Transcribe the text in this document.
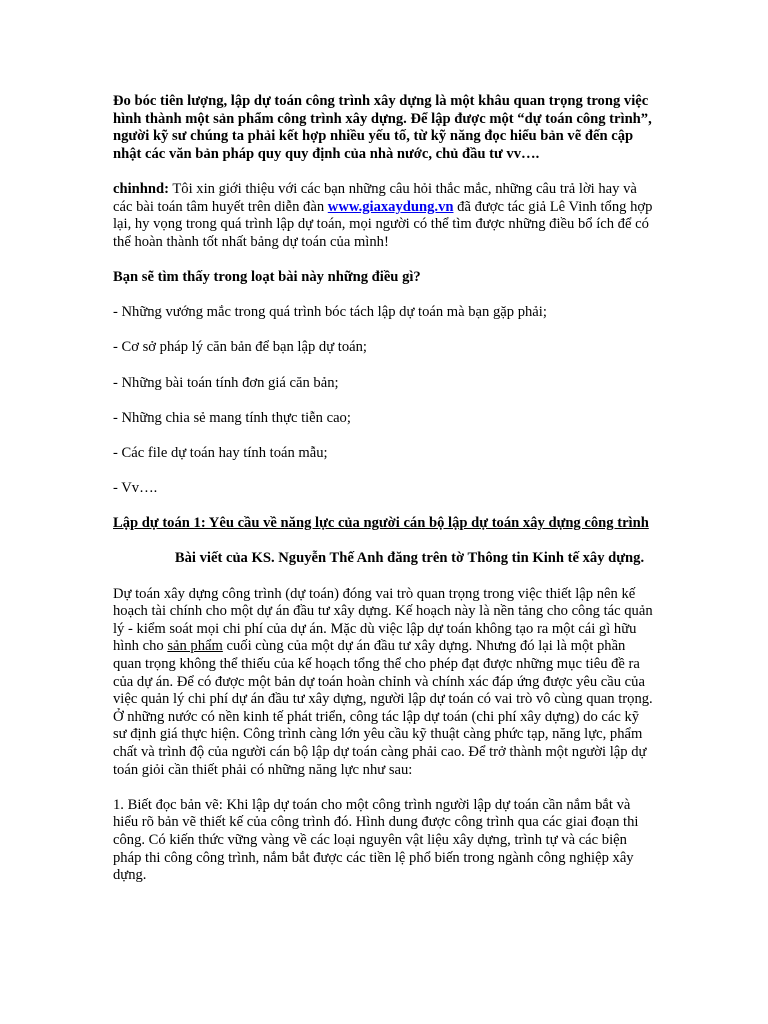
Đo bóc tiên lượng, lập dự toán công trình xây dựng là một khâu quan trọng trong việc hình thành một sản phẩm công trình xây dựng. Để lập được một “dự toán công trình”, người kỹ sư chúng ta phải kết hợp nhiều yếu tố, từ kỹ năng đọc hiểu bản vẽ đến cập nhật các văn bản pháp quy quy định của nhà nước, chủ đầu tư vv….

chinhnd: Tôi xin giới thiệu với các bạn những câu hỏi thắc mắc, những câu trả lời hay và các bài toán tâm huyết trên diễn đàn www.giaxaydung.vn đã được tác giả Lê Vinh tổng hợp lại, hy vọng trong quá trình lập dự toán, mọi người có thể tìm được những điều bổ ích để có thể hoàn thành tốt nhất bảng dự toán của mình!

Bạn sẽ tìm thấy trong loạt bài này những điều gì?

- Những vướng mắc trong quá trình bóc tách lập dự toán mà bạn gặp phải;

- Cơ sở pháp lý căn bản để bạn lập dự toán;

- Những bài toán tính đơn giá căn bản;

- Những chia sẻ mang tính thực tiễn cao;

- Các file dự toán hay tính toán mẫu;

- Vv….

Lập dự toán 1: Yêu cầu về năng lực của người cán bộ lập dự toán xây dựng công trình

Bài viết của KS. Nguyễn Thế Anh đăng trên tờ Thông tin Kinh tế xây dựng.

Dự toán xây dựng công trình (dự toán) đóng vai trò quan trọng trong việc thiết lập nên kế hoạch tài chính cho một dự án đầu tư xây dựng. Kế hoạch này là nền tảng cho công tác quản lý - kiểm soát mọi chi phí của dự án. Mặc dù việc lập dự toán không tạo ra một cái gì hữu hình cho sản phẩm cuối cùng của một dự án đầu tư xây dựng. Nhưng đó lại là một phần quan trọng không thể thiếu của kế hoạch tổng thể cho phép đạt được những mục tiêu đề ra của dự án. Để có được một bản dự toán hoàn chỉnh và chính xác đáp ứng được yêu cầu của việc quản lý chi phí dự án đầu tư xây dựng, người lập dự toán có vai trò vô cùng quan trọng. Ở những nước có nền kinh tế phát triển, công tác lập dự toán (chi phí xây dựng) do các kỹ sư định giá thực hiện. Công trình càng lớn yêu cầu kỹ thuật càng phức tạp, năng lực, phẩm chất và trình độ của người cán bộ lập dự toán càng phải cao. Để trở thành một người lập dự toán giỏi cần thiết phải có những năng lực như sau:

1. Biết đọc bản vẽ: Khi lập dự toán cho một công trình người lập dự toán cần nắm bắt và hiểu rõ bản vẽ thiết kế của công trình đó. Hình dung được công trình qua các giai đoạn thi công. Có kiến thức vững vàng về các loại nguyên vật liệu xây dựng, trình tự và các biện pháp thi công công trình, nắm bắt được các tiền lệ phổ biến trong ngành công nghiệp xây dựng.
